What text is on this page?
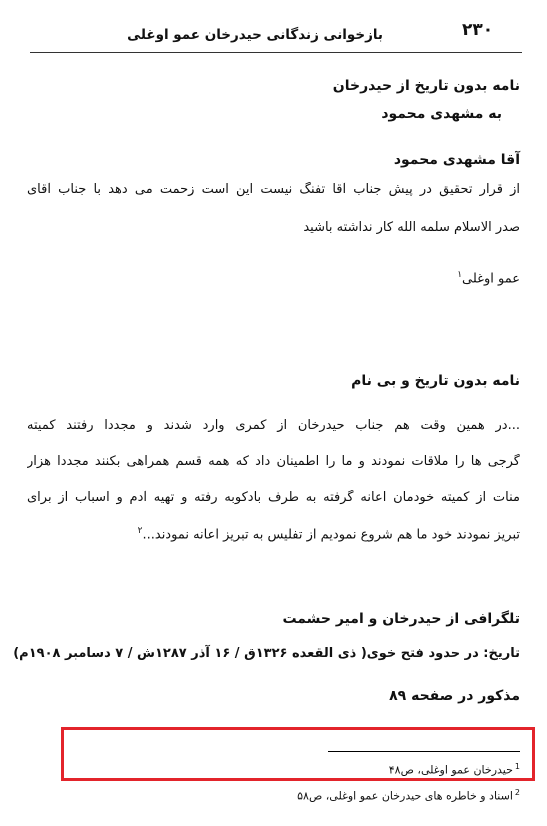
۲۳۰
بازخوانی زندگانی حیدرخان عمو اوغلی
نامه بدون تاریخ از حیدرخان
به مشهدی محمود
آقا مشهدی محمود
از قرار تحقیق در پیش جناب آقا تفنگ نیست این است زحمت می دهد با جناب آقای
صدر الاسلام سلمه الله کار نداشته باشید
عمو اوغلی$^۱$
نامه بدون تاریخ و بی نام
...در همین وقت هم جناب حیدرخان از کمری وارد شدند و مجددا رفتند کمیته
گرجی ها را ملاقات نمودند و ما را اطمینان داد که همه قسم همراهی بکنند مجددا هزار
منات از کمیته خودمان اعانه گرفته به طرف بادکوبه رفته و تهیه آدم و اسباب از برای
تبریز نمودند خود ما هم شروع نمودیم از تفلیس به تبریز اعانه نمودند...$^۲$
تلگرافی از حیدرخان و امیر حشمت
تاریخ: در حدود فتح خوی( ذی القعده ۱۳۲۶ق / ۱۶ آذر ۱۲۸۷ش / ۷ دسامبر ۱۹۰۸م)
مذکور در صفحه ۸۹
$^1$حیدرخان عمو اوغلی، ص۴۸
$^2$اسناد و خاطره های حیدرخان عمو اوغلی، ص۵۸
